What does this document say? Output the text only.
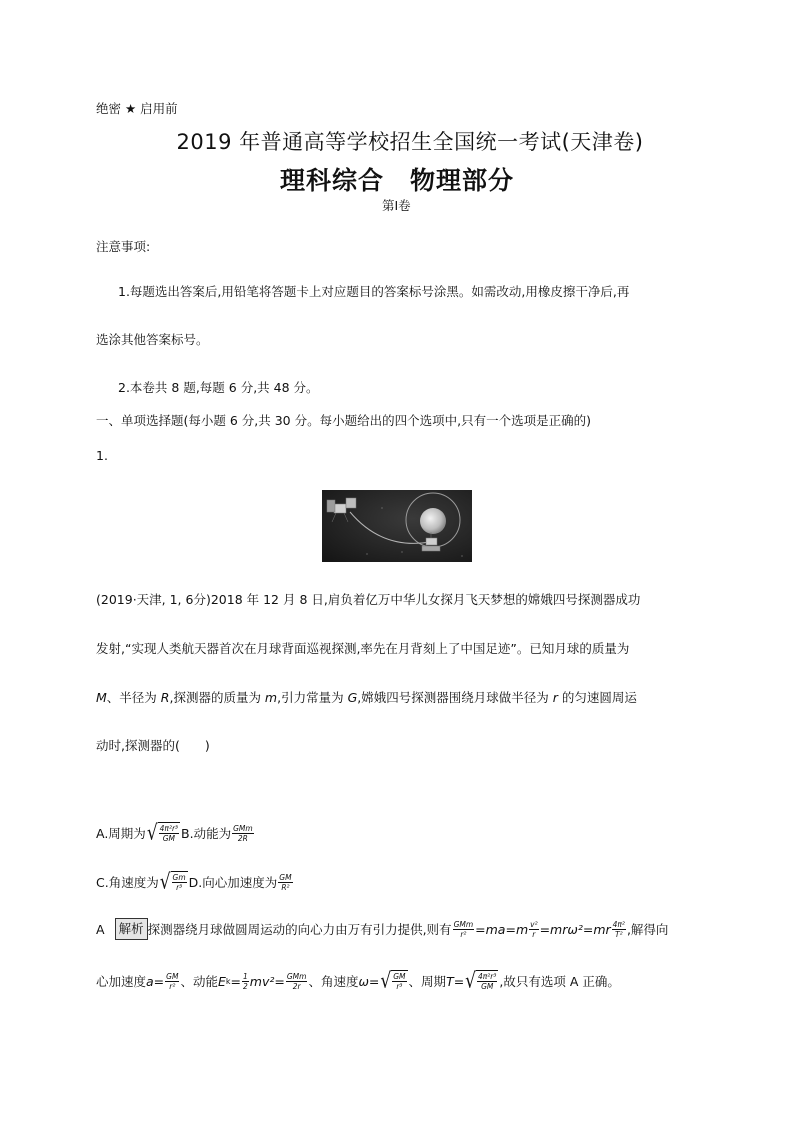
绝密 ★ 启用前
2019 年普通高等学校招生全国统一考试(天津卷)
理科综合　物理部分
第Ⅰ卷
注意事项:
1.每题选出答案后,用铅笔将答题卡上对应题目的答案标号涂黑。如需改动,用橡皮擦干净后,再
选涂其他答案标号。
2.本卷共 8 题,每题 6 分,共 48 分。
一、单项选择题(每小题 6 分,共 30 分。每小题给出的四个选项中,只有一个选项是正确的)
1.
(2019·天津, 1, 6分)2018 年 12 月 8 日,肩负着亿万中华儿女探月飞天梦想的嫦娥四号探测器成功
发射,“实现人类航天器首次在月球背面巡视探测,率先在月背刻上了中国足迹”。已知月球的质量为
M、半径为 R,探测器的质量为 m,引力常量为 G,嫦娥四号探测器围绕月球做半径为 r 的匀速圆周运
动时,探测器的(　　)
A.周期为 √ $\frac{\text{4π²r³}}{GM} B$.动能为 $\frac{\text{GMm}}{2R}$
C.角速度为 √ $\frac{Gm}{\text{r³}} D$.向心加速度为 $\frac{GM}{\text{R²}}$
A	解析 探测器绕月球做圆周运动的向心力由万有引力提供,则有 $\frac{\text{GMm}}{\text{r²}} =ma=m \frac{\text{v²}}{r} =mr\omega^2=mr \frac{\text{4π²}}{\text{T²}}$ ,解得向
心加速度 $a= \frac{GM}{\text{r²}}$ 、动能 E $k = \frac{1}{2} mv^2= \frac{\text{GMm}}{2r}$ 、角速度 ω= √ $\frac{GM}{\text{r³}}$ 、周期 T= √ $\frac{\text{4π²r³}}{GM}$ ,故只有选项 A 正确。
